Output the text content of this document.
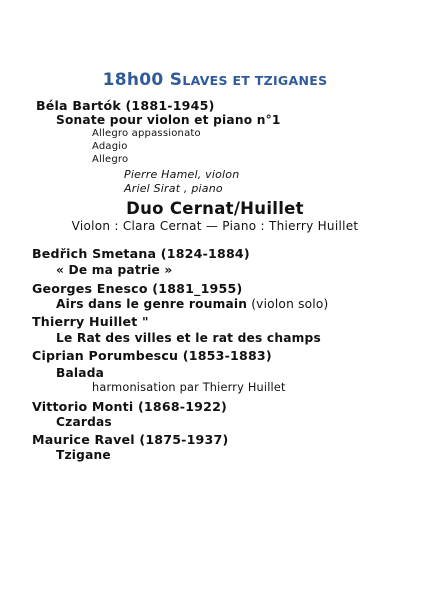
18h00 SLAVES ET TZIGANES
Béla Bartók (1881-1945)
Sonate pour violon et piano n°1
Allegro appassionato
Adagio
Allegro
Pierre Hamel, violon
Ariel Sirat , piano
Duo Cernat/Huillet
Violon : Clara Cernat — Piano : Thierry Huillet
Bedřich Smetana (1824-1884)
« De ma patrie »
Georges Enesco (1881_1955)
Airs dans le genre roumain (violon solo)
Thierry Huillet "
Le Rat des villes et le rat des champs
Ciprian Porumbescu (1853-1883)
Balada
harmonisation par Thierry Huillet
Vittorio Monti (1868-1922)
Czardas
Maurice Ravel (1875-1937)
Tzigane
